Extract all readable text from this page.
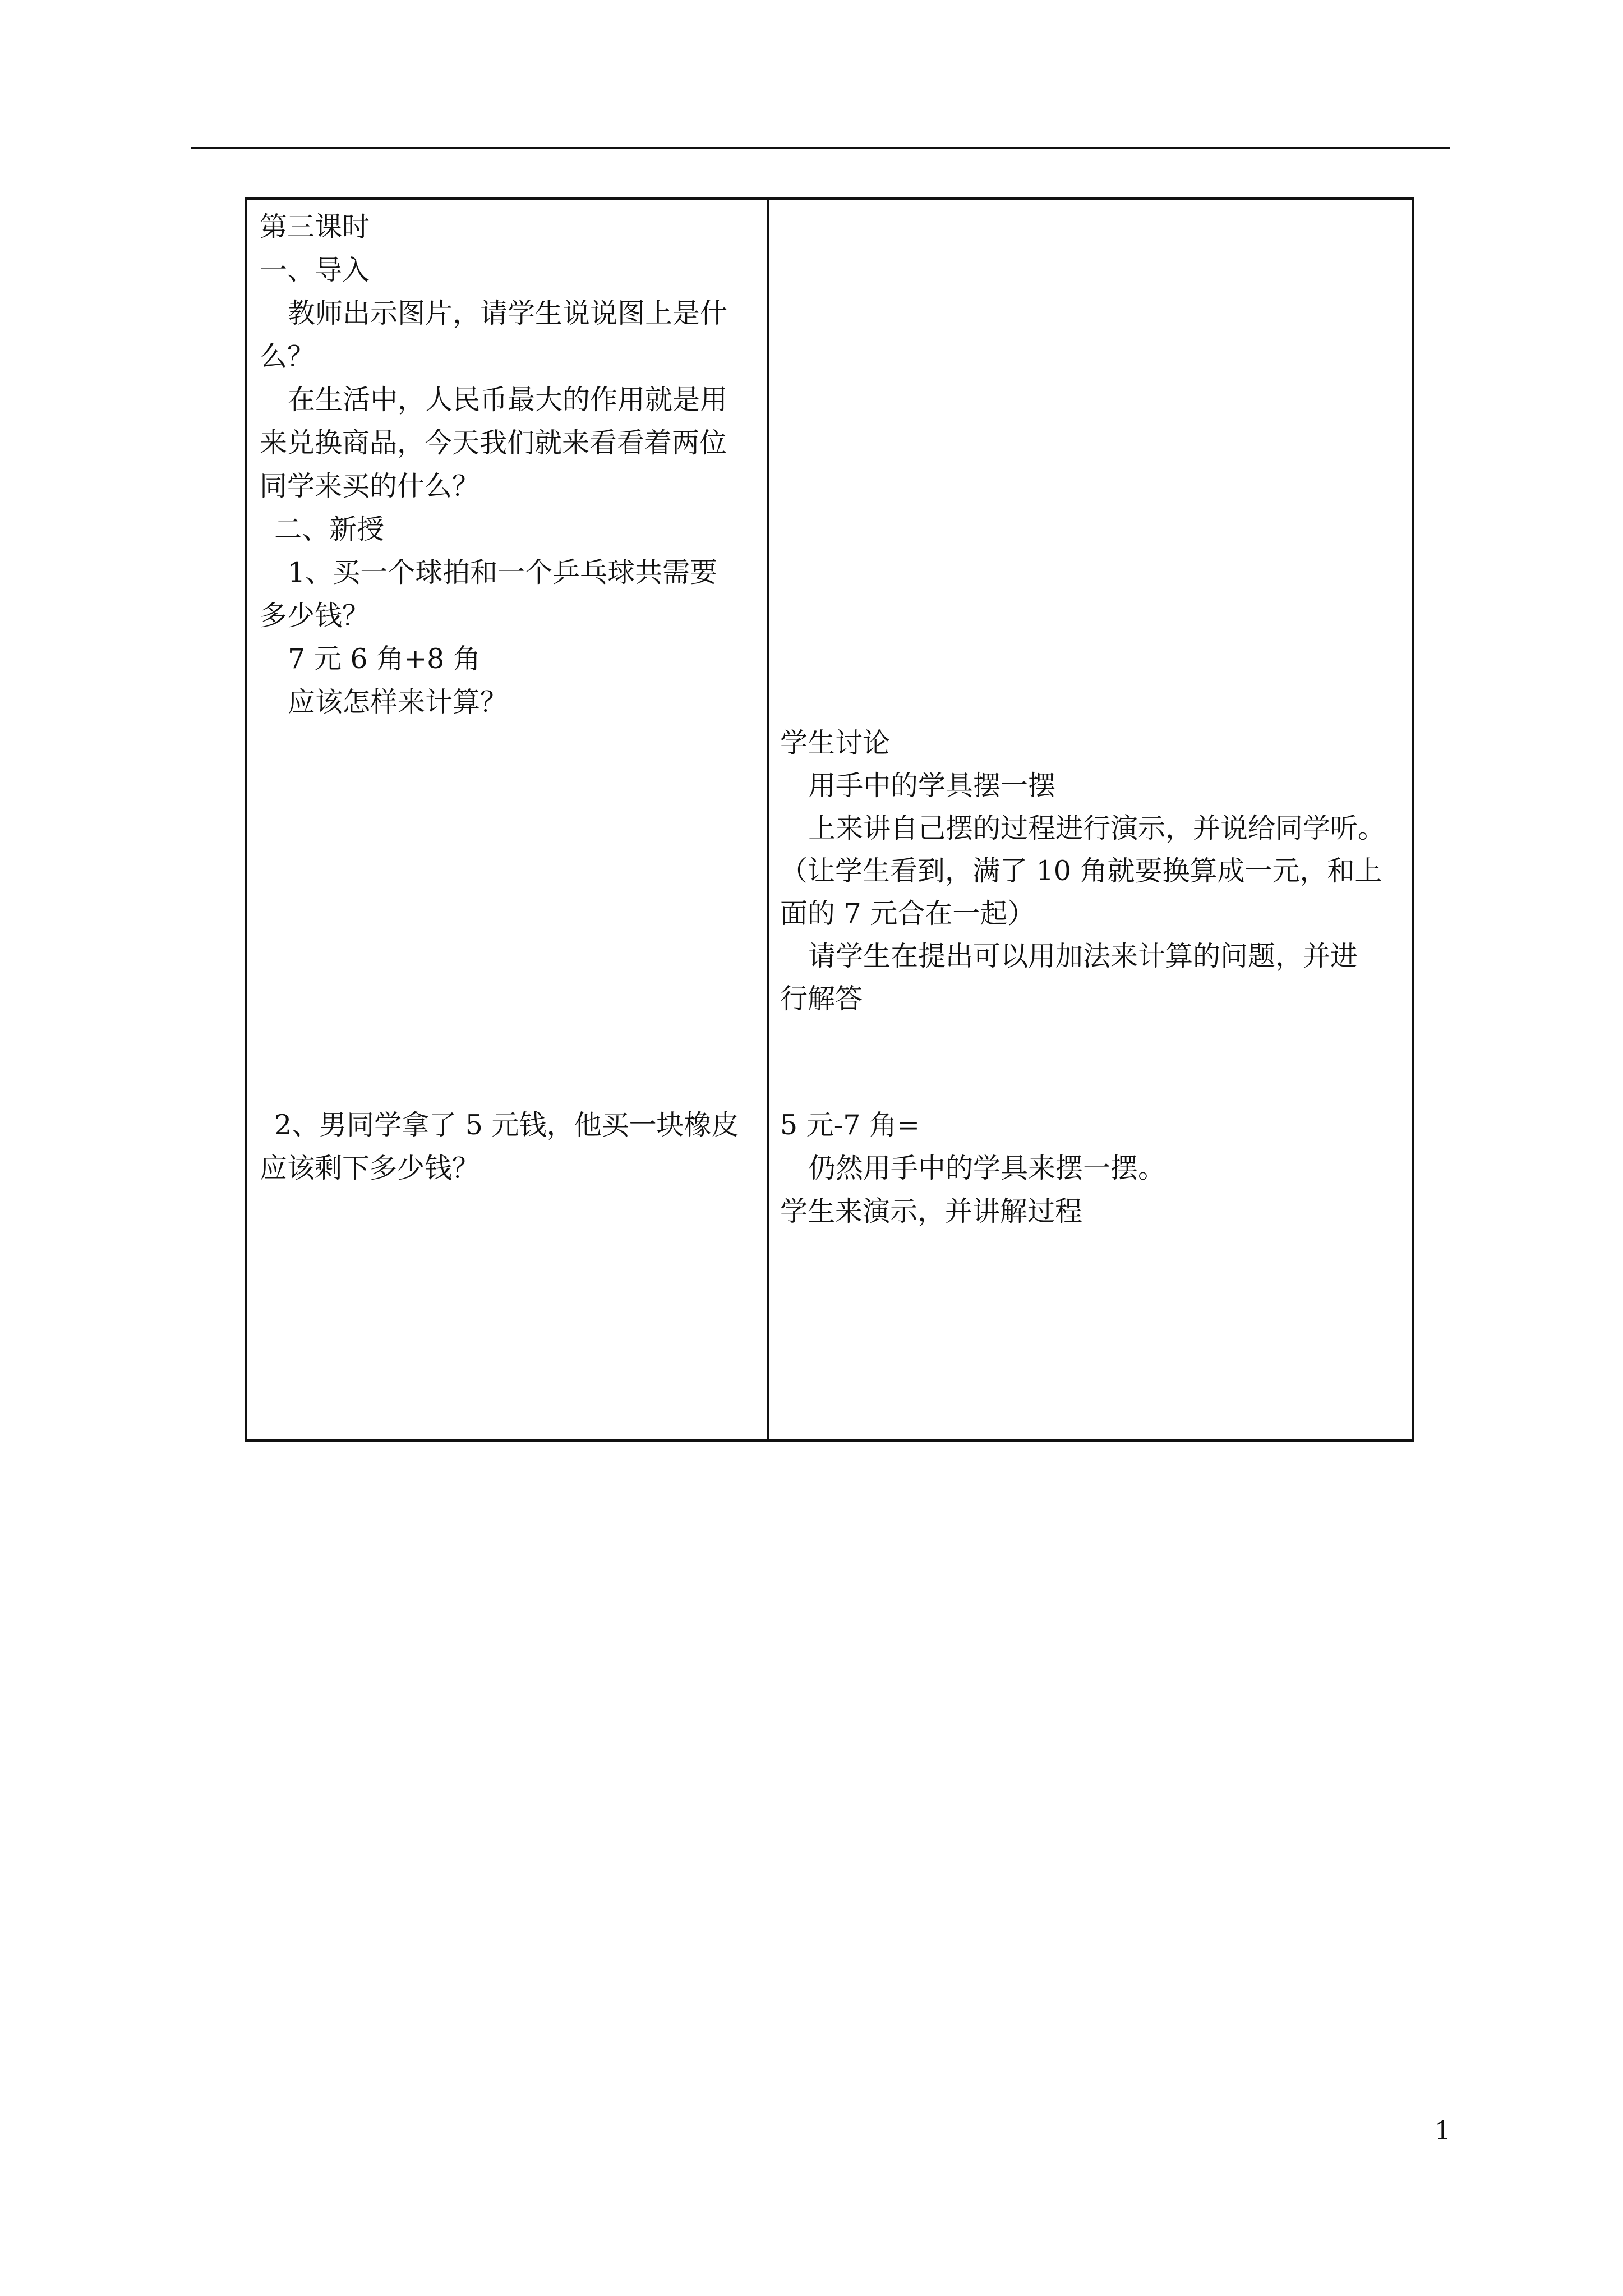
第三课时
一、导入
教师出示图片，请学生说说图上是什
么？
在生活中，人民币最大的作用就是用
来兑换商品，今天我们就来看看着两位
同学来买的什么？
二、新授
1、买一个球拍和一个乒乓球共需要
多少钱？
7 元 6 角+8 角
应该怎样来计算？
2、男同学拿了 5 元钱，他买一块橡皮
应该剩下多少钱？
学生讨论
用手中的学具摆一摆
上来讲自己摆的过程进行演示，并说给同学听。
（让学生看到，满了 10 角就要换算成一元，和上
面的 7 元合在一起）
请学生在提出可以用加法来计算的问题，并进
行解答
5 元-7 角=
仍然用手中的学具来摆一摆。
学生来演示，并讲解过程
1
